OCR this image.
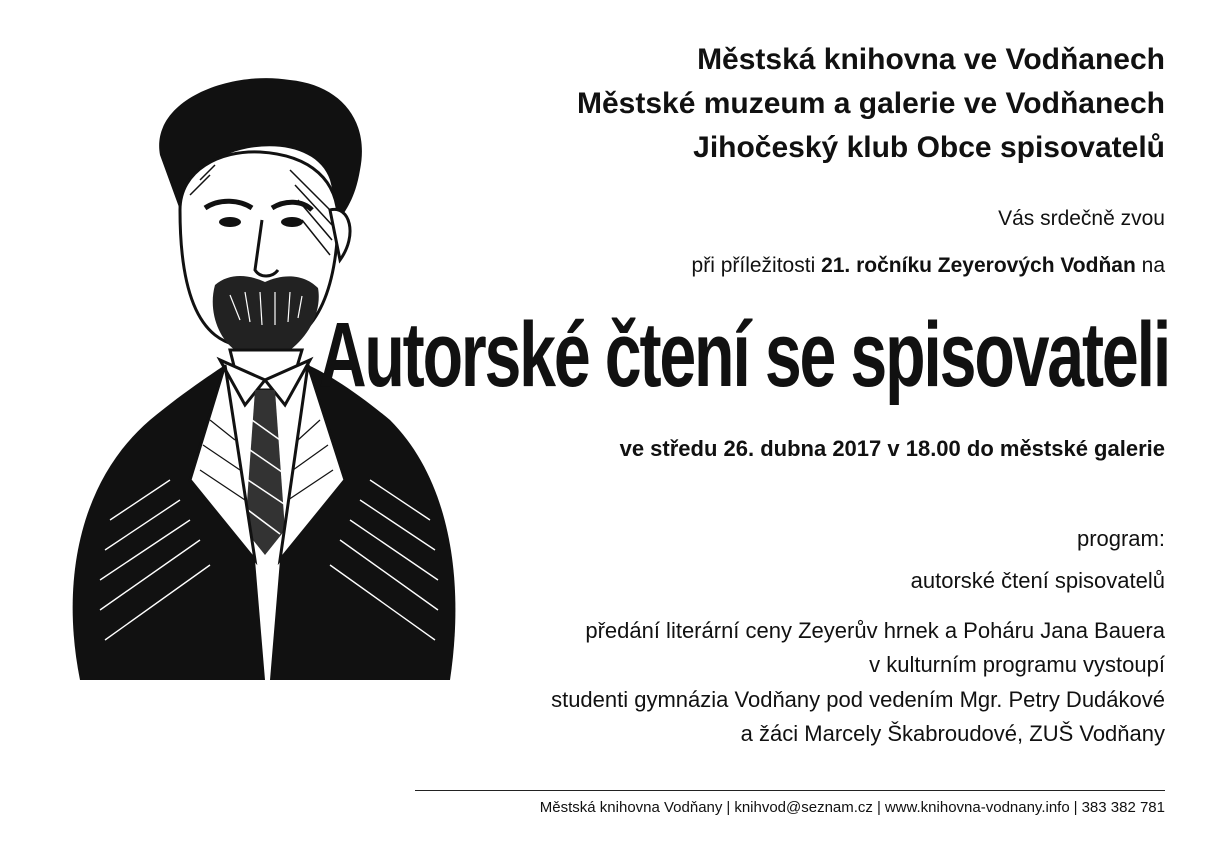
Městská knihovna ve Vodňanech
Městské muzeum a galerie ve Vodňanech
Jihočeský klub Obce spisovatelů
Vás srdečně zvou
při příležitosti 21. ročníku Zeyerových Vodňan na
Autorské čtení se spisovateli
ve středu 26. dubna 2017 v 18.00 do městské galerie
program:
autorské čtení spisovatelů
předání literární ceny Zeyerův hrnek a Poháru Jana Bauera
v kulturním programu vystoupí
studenti gymnázia Vodňany pod vedením Mgr. Petry Dudákové
a žáci Marcely Škabroudové, ZUŠ Vodňany
Městská knihovna Vodňany | knihvod@seznam.cz | www.knihovna-vodnany.info | 383 382 781
